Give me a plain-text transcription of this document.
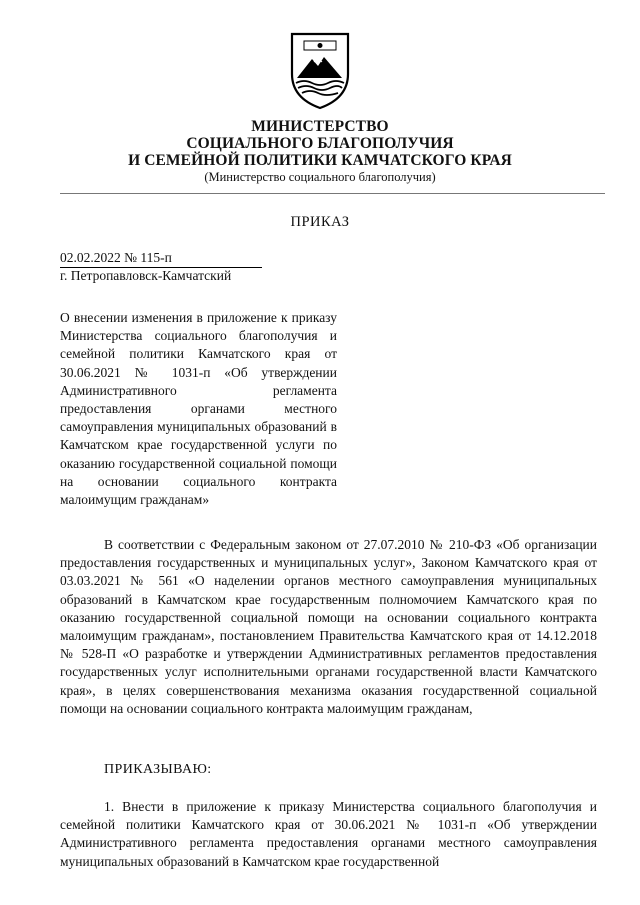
МИНИСТЕРСТВО
СОЦИАЛЬНОГО БЛАГОПОЛУЧИЯ
И СЕМЕЙНОЙ ПОЛИТИКИ КАМЧАТСКОГО КРАЯ
(Министерство социального благополучия)
ПРИКАЗ
02.02.2022 № 115-п
г. Петропавловск-Камчатский
О внесении изменения в приложение к приказу Министерства социального благополучия и семейной политики Камчатского края от 30.06.2021 № 1031-п «Об утверждении Административного регламента предоставления органами местного самоуправления муниципальных образований в Камчатском крае государственной услуги по оказанию государственной социальной помощи на основании социального контракта малоимущим гражданам»
В соответствии с Федеральным законом от 27.07.2010 № 210-ФЗ «Об организации предоставления государственных и муниципальных услуг», Законом Камчатского края от 03.03.2021 № 561 «О наделении органов местного самоуправления муниципальных образований в Камчатском крае государственным полномочием Камчатского края по оказанию государственной социальной помощи на основании социального контракта малоимущим гражданам», постановлением Правительства Камчатского края от 14.12.2018 № 528-П «О разработке и утверждении Административных регламентов предоставления государственных услуг исполнительными органами государственной власти Камчатского края», в целях совершенствования механизма оказания государственной социальной помощи на основании социального контракта малоимущим гражданам,
ПРИКАЗЫВАЮ:
1. Внести в приложение к приказу Министерства социального благополучия и семейной политики Камчатского края от 30.06.2021 № 1031-п «Об утверждении Административного регламента предоставления органами местного самоуправления муниципальных образований в Камчатском крае государственной
